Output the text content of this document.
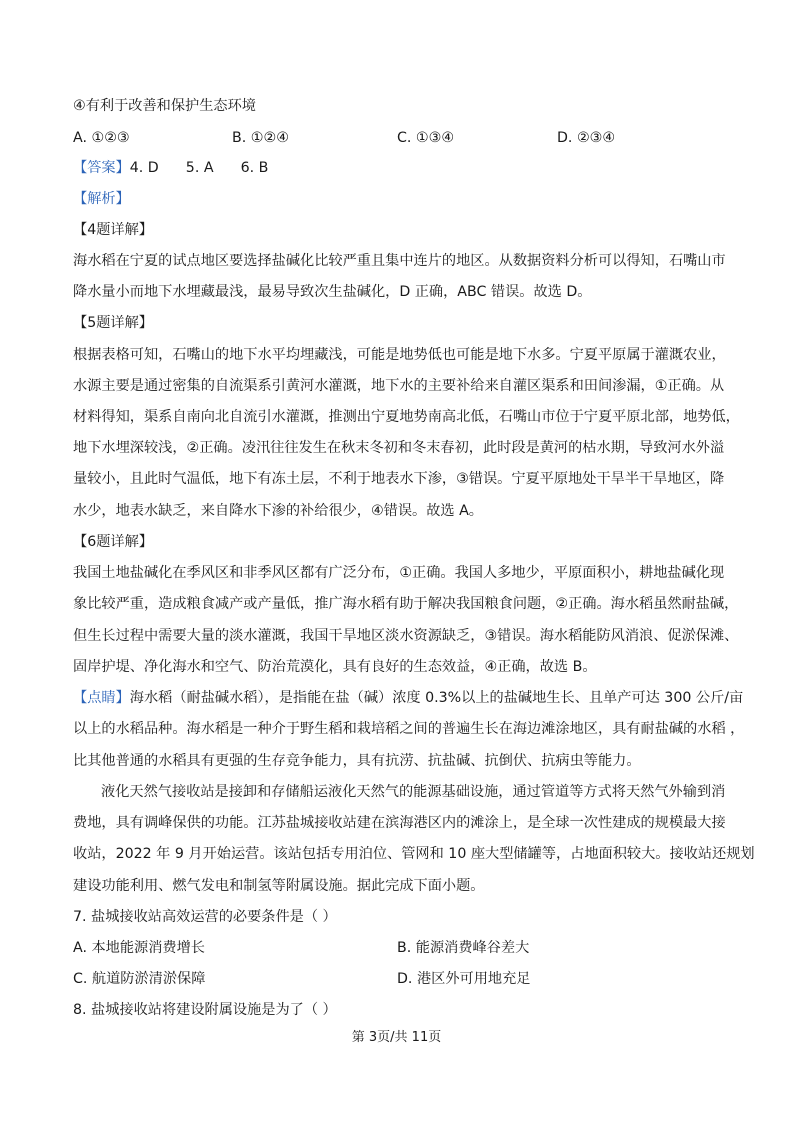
④有利于改善和保护生态环境
A. ①②③	B. ①②④	C. ①③④	D. ②③④
【答案】4. D      5. A      6. B
【解析】
【4题详解】
海水稻在宁夏的试点地区要选择盐碱化比较严重且集中连片的地区。从数据资料分析可以得知，石嘴山市
降水量小而地下水埋藏最浅，最易导致次生盐碱化，D 正确，ABC 错误。故选 D。
【5题详解】
根据表格可知，石嘴山的地下水平均埋藏浅，可能是地势低也可能是地下水多。宁夏平原属于灌溉农业，
水源主要是通过密集的自流渠系引黄河水灌溉，地下水的主要补给来自灌区渠系和田间渗漏，①正确。从
材料得知，渠系自南向北自流引水灌溉，推测出宁夏地势南高北低，石嘴山市位于宁夏平原北部，地势低，
地下水埋深较浅，②正确。凌汛往往发生在秋末冬初和冬末春初，此时段是黄河的枯水期，导致河水外溢
量较小，且此时气温低，地下有冻土层，不利于地表水下渗，③错误。宁夏平原地处干旱半干旱地区，降
水少，地表水缺乏，来自降水下渗的补给很少，④错误。故选 A。
【6题详解】
我国土地盐碱化在季风区和非季风区都有广泛分布，①正确。我国人多地少，平原面积小，耕地盐碱化现
象比较严重，造成粮食减产或产量低，推广海水稻有助于解决我国粮食问题，②正确。海水稻虽然耐盐碱，
但生长过程中需要大量的淡水灌溉，我国干旱地区淡水资源缺乏，③错误。海水稻能防风消浪、促淤保滩、
固岸护堤、净化海水和空气、防治荒漠化，具有良好的生态效益，④正确，故选 B。
【点睛】海水稻（耐盐碱水稻），是指能在盐（碱）浓度 0.3%以上的盐碱地生长、且单产可达 300 公斤/亩
以上的水稻品种。海水稻是一种介于野生稻和栽培稻之间的普遍生长在海边滩涂地区，具有耐盐碱的水稻 ，
比其他普通的水稻具有更强的生存竞争能力，具有抗涝、抗盐碱、抗倒伏、抗病虫等能力。
液化天然气接收站是接卸和存储船运液化天然气的能源基础设施，通过管道等方式将天然气外输到消
费地，具有调峰保供的功能。江苏盐城接收站建在滨海港区内的滩涂上，是全球一次性建成的规模最大接
收站，2022 年 9 月开始运营。该站包括专用泊位、管网和 10 座大型储罐等，占地面积较大。接收站还规划
建设功能利用、燃气发电和制氢等附属设施。据此完成下面小题。
7. 盐城接收站高效运营的必要条件是（ ）
A. 本地能源消费增长	B. 能源消费峰谷差大
C. 航道防淤清淤保障	D. 港区外可用地充足
8. 盐城接收站将建设附属设施是为了（ ）
第 3页/共 11页
